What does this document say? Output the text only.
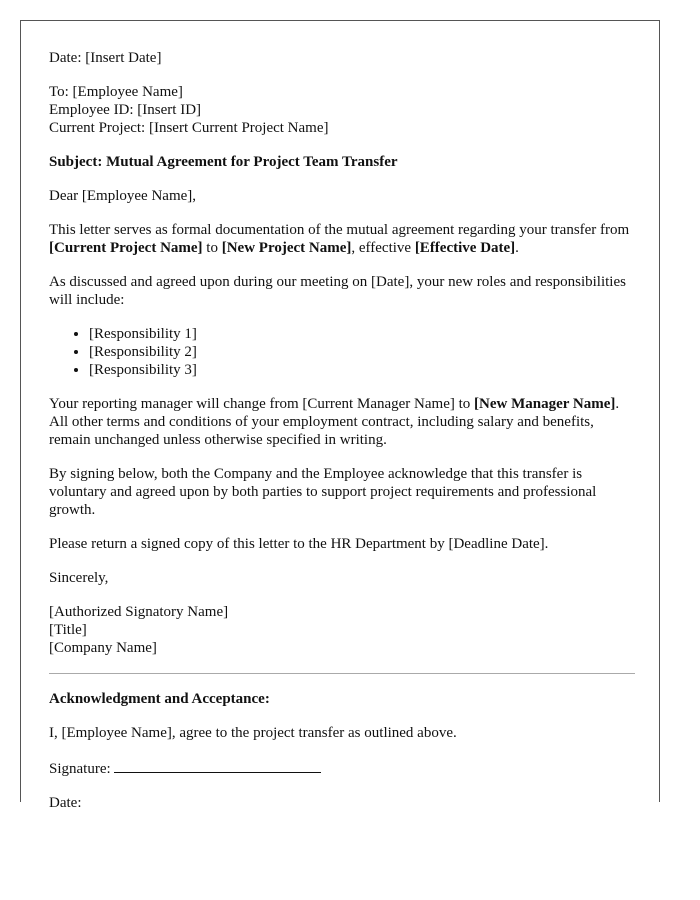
Date: [Insert Date]

To: [Employee Name]
Employee ID: [Insert ID]
Current Project: [Insert Current Project Name]

Subject: Mutual Agreement for Project Team Transfer

Dear [Employee Name],

This letter serves as formal documentation of the mutual agreement regarding your transfer from [Current Project Name] to [New Project Name], effective [Effective Date].

As discussed and agreed upon during our meeting on [Date], your new roles and responsibilities will include:

• [Responsibility 1]
• [Responsibility 2]
• [Responsibility 3]

Your reporting manager will change from [Current Manager Name] to [New Manager Name]. All other terms and conditions of your employment contract, including salary and benefits, remain unchanged unless otherwise specified in writing.

By signing below, both the Company and the Employee acknowledge that this transfer is voluntary and agreed upon by both parties to support project requirements and professional growth.

Please return a signed copy of this letter to the HR Department by [Deadline Date].

Sincerely,

[Authorized Signatory Name]
[Title]
[Company Name]

Acknowledgment and Acceptance:

I, [Employee Name], agree to the project transfer as outlined above.

Signature:

Date:
